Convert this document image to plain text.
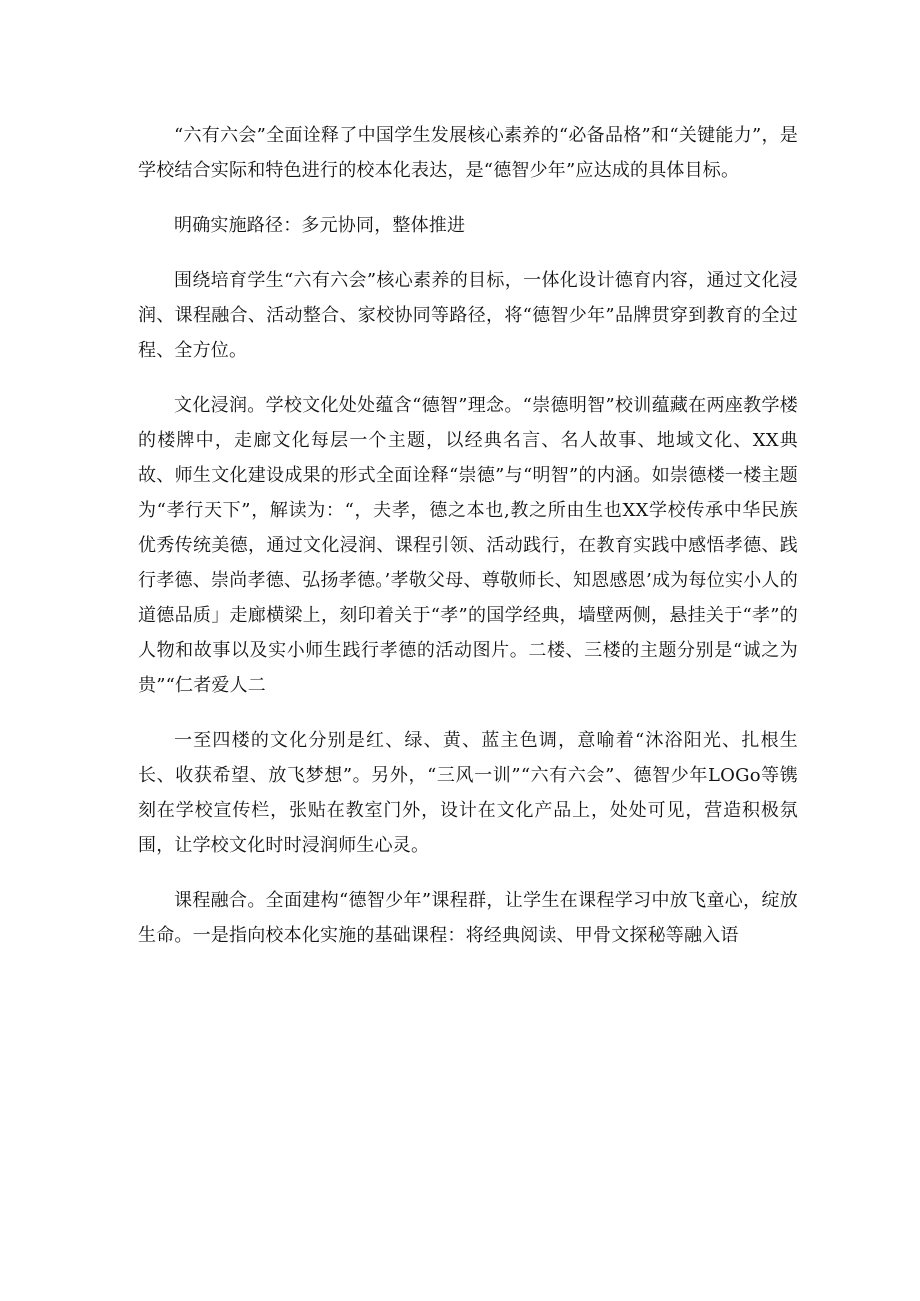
“六有六会”全面诠释了中国学生发展核心素养的“必备品格”和“关键能力”，是学校结合实际和特色进行的校本化表达，是“德智少年”应达成的具体目标。

明确实施路径：多元协同，整体推进

围绕培育学生“六有六会”核心素养的目标，一体化设计德育内容，通过文化浸润、课程融合、活动整合、家校协同等路径，将“德智少年”品牌贯穿到教育的全过程、全方位。

文化浸润。学校文化处处蕴含“德智”理念。“崇德明智”校训蕴藏在两座教学楼的楼牌中，走廊文化每层一个主题，以经典名言、名人故事、地域文化、XX典故、师生文化建设成果的形式全面诠释“崇德”与“明智”的内涵。如崇德楼一楼主题为“孝行天下”，解读为：“，夫孝，德之本也,教之所由生也XX学校传承中华民族优秀传统美德，通过文化浸润、课程引领、活动践行，在教育实践中感悟孝德、践行孝德、崇尚孝德、弘扬孝德。’孝敬父母、尊敬师长、知恩感恩’成为每位实小人的道德品质」走廊横梁上，刻印着关于“孝”的国学经典，墙壁两侧，悬挂关于“孝”的人物和故事以及实小师生践行孝德的活动图片。二楼、三楼的主题分别是“诚之为贵”“仁者爱人二

一至四楼的文化分别是红、绿、黄、蓝主色调，意喻着“沐浴阳光、扎根生长、收获希望、放飞梦想”。另外，“三风一训”“六有六会”、德智少年LOGo等镌刻在学校宣传栏，张贴在教室门外，设计在文化产品上，处处可见，营造积极氛围，让学校文化时时浸润师生心灵。

课程融合。全面建构“德智少年”课程群，让学生在课程学习中放飞童心，绽放生命。一是指向校本化实施的基础课程：将经典阅读、甲骨文探秘等融入语
